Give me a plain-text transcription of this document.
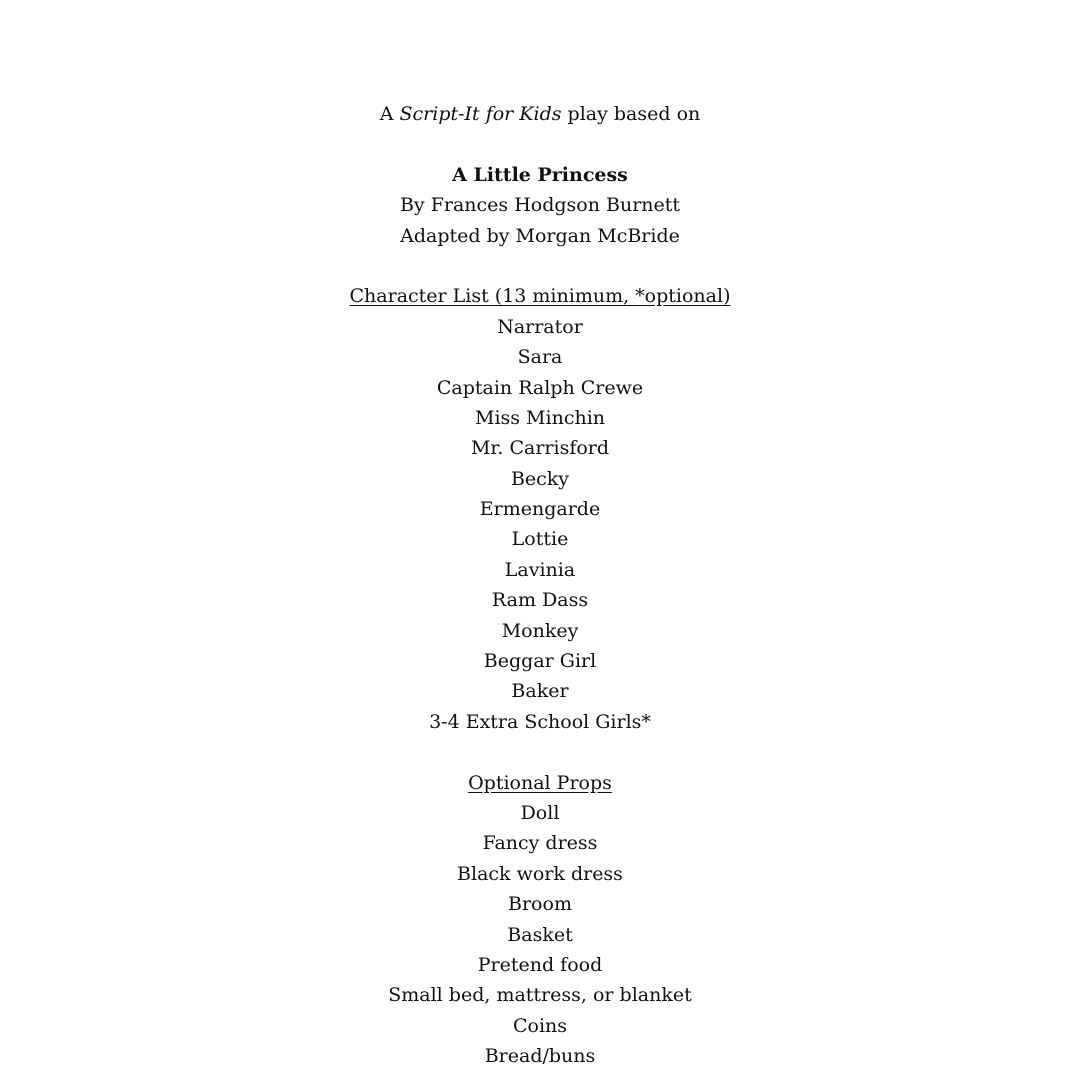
A Script-It for Kids play based on
A Little Princess
By Frances Hodgson Burnett
Adapted by Morgan McBride
Character List (13 minimum, *optional)
Narrator
Sara
Captain Ralph Crewe
Miss Minchin
Mr. Carrisford
Becky
Ermengarde
Lottie
Lavinia
Ram Dass
Monkey
Beggar Girl
Baker
3-4 Extra School Girls*
Optional Props
Doll
Fancy dress
Black work dress
Broom
Basket
Pretend food
Small bed, mattress, or blanket
Coins
Bread/buns
